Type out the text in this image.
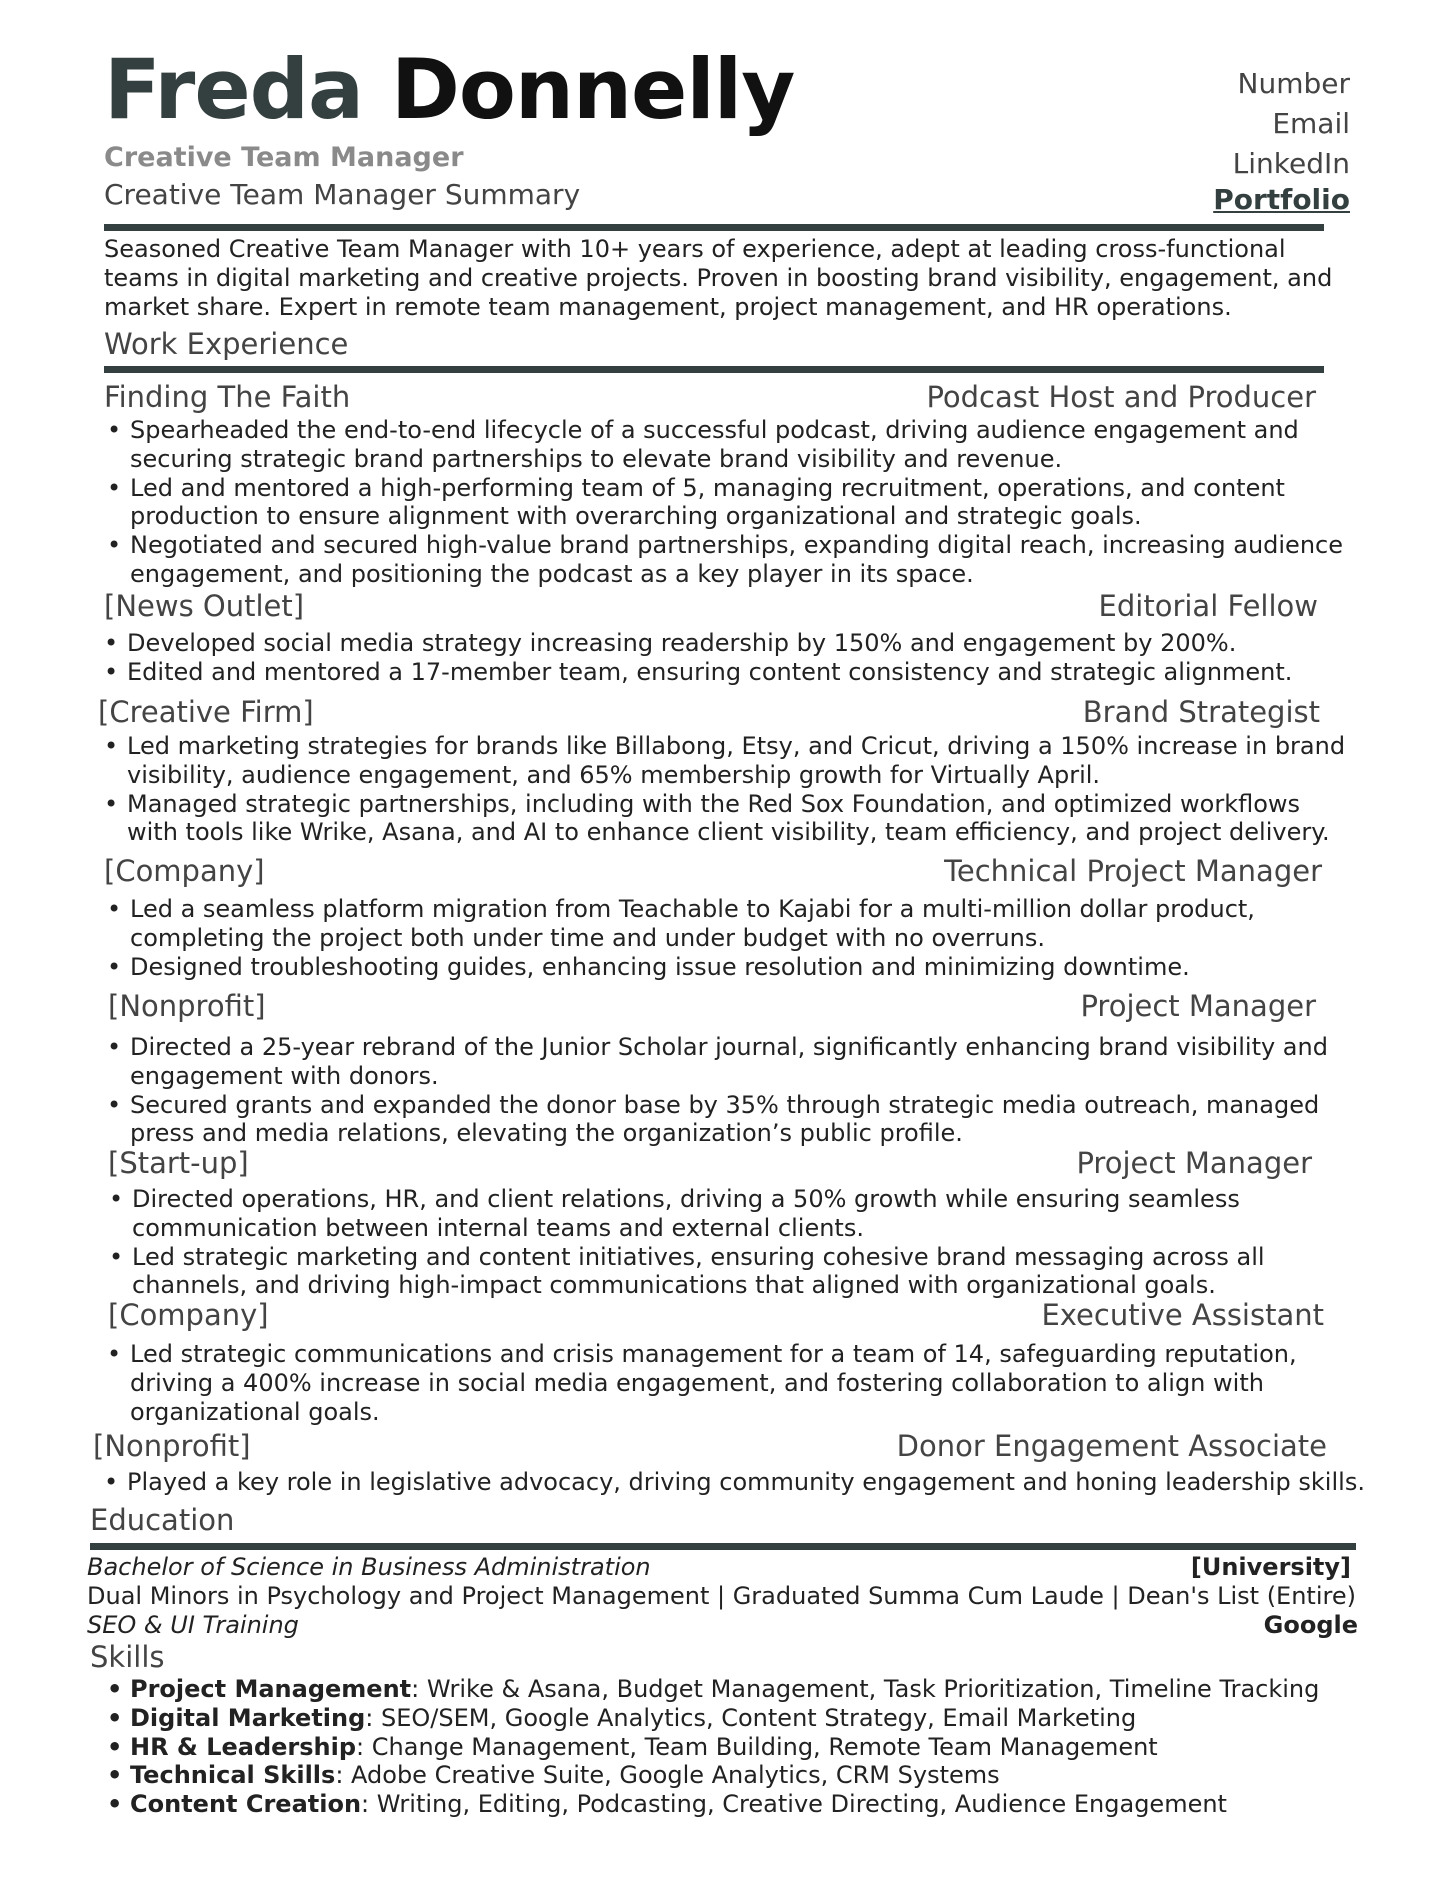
Freda Donnelly
Creative Team Manager
Creative Team Manager Summary
Number
Email
LinkedIn
Portfolio
Seasoned Creative Team Manager with 10+ years of experience, adept at leading cross-functional teams in digital marketing and creative projects. Proven in boosting brand visibility, engagement, and market share. Expert in remote team management, project management, and HR operations.
Work Experience
Finding The Faith	Podcast Host and Producer
• Spearheaded the end-to-end lifecycle of a successful podcast, driving audience engagement and securing strategic brand partnerships to elevate brand visibility and revenue.
• Led and mentored a high-performing team of 5, managing recruitment, operations, and content production to ensure alignment with overarching organizational and strategic goals.
• Negotiated and secured high-value brand partnerships, expanding digital reach, increasing audience engagement, and positioning the podcast as a key player in its space.
[News Outlet]	Editorial Fellow
• Developed social media strategy increasing readership by 150% and engagement by 200%.
• Edited and mentored a 17-member team, ensuring content consistency and strategic alignment.
[Creative Firm]	Brand Strategist
• Led marketing strategies for brands like Billabong, Etsy, and Cricut, driving a 150% increase in brand visibility, audience engagement, and 65% membership growth for Virtually April.
• Managed strategic partnerships, including with the Red Sox Foundation, and optimized workflows with tools like Wrike, Asana, and AI to enhance client visibility, team efficiency, and project delivery.
[Company]	Technical Project Manager
• Led a seamless platform migration from Teachable to Kajabi for a multi-million dollar product, completing the project both under time and under budget with no overruns.
• Designed troubleshooting guides, enhancing issue resolution and minimizing downtime.
[Nonprofit]	Project Manager
• Directed a 25-year rebrand of the Junior Scholar journal, significantly enhancing brand visibility and engagement with donors.
• Secured grants and expanded the donor base by 35% through strategic media outreach, managed press and media relations, elevating the organization’s public profile.
[Start-up]	Project Manager
• Directed operations, HR, and client relations, driving a 50% growth while ensuring seamless communication between internal teams and external clients.
• Led strategic marketing and content initiatives, ensuring cohesive brand messaging across all channels, and driving high-impact communications that aligned with organizational goals.
[Company]	Executive Assistant
• Led strategic communications and crisis management for a team of 14, safeguarding reputation, driving a 400% increase in social media engagement, and fostering collaboration to align with organizational goals.
[Nonprofit]	Donor Engagement Associate
• Played a key role in legislative advocacy, driving community engagement and honing leadership skills.
Education
Bachelor of Science in Business Administration	[University]
Dual Minors in Psychology and Project Management | Graduated Summa Cum Laude | Dean's List (Entire)
SEO & UI Training	Google
Skills
• Project Management: Wrike & Asana, Budget Management, Task Prioritization, Timeline Tracking
• Digital Marketing: SEO/SEM, Google Analytics, Content Strategy, Email Marketing
• HR & Leadership: Change Management, Team Building, Remote Team Management
• Technical Skills: Adobe Creative Suite, Google Analytics, CRM Systems
• Content Creation: Writing, Editing, Podcasting, Creative Directing, Audience Engagement
